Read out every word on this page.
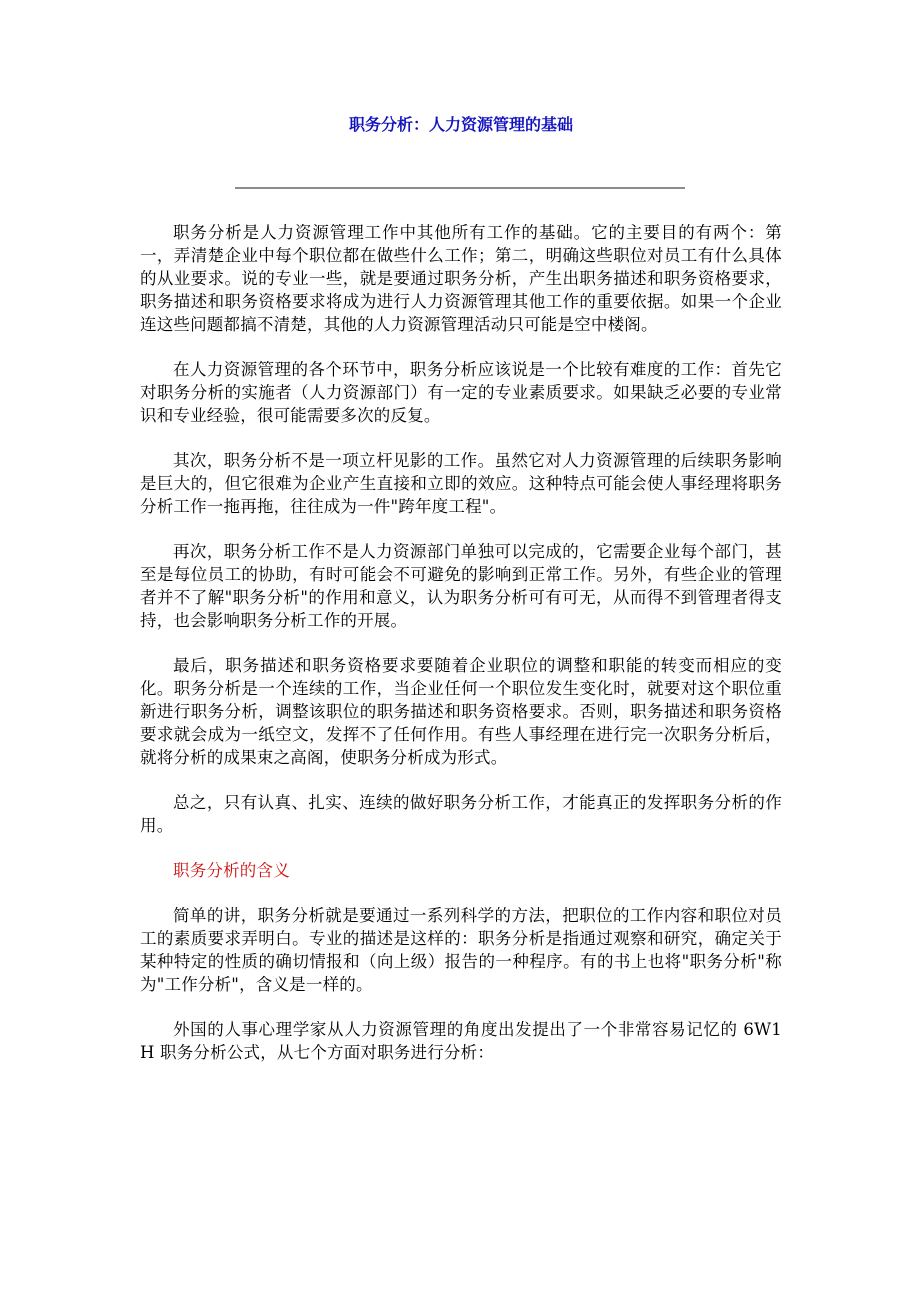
职务分析：人力资源管理的基础

职务分析是人力资源管理工作中其他所有工作的基础。它的主要目的有两个：第一，弄清楚企业中每个职位都在做些什么工作；第二，明确这些职位对员工有什么具体的从业要求。说的专业一些，就是要通过职务分析，产生出职务描述和职务资格要求，职务描述和职务资格要求将成为进行人力资源管理其他工作的重要依据。如果一个企业连这些问题都搞不清楚，其他的人力资源管理活动只可能是空中楼阁。

在人力资源管理的各个环节中，职务分析应该说是一个比较有难度的工作：首先它对职务分析的实施者（人力资源部门）有一定的专业素质要求。如果缺乏必要的专业常识和专业经验，很可能需要多次的反复。

其次，职务分析不是一项立杆见影的工作。虽然它对人力资源管理的后续职务影响是巨大的，但它很难为企业产生直接和立即的效应。这种特点可能会使人事经理将职务分析工作一拖再拖，往往成为一件"跨年度工程"。

再次，职务分析工作不是人力资源部门单独可以完成的，它需要企业每个部门，甚至是每位员工的协助，有时可能会不可避免的影响到正常工作。另外，有些企业的管理者并不了解"职务分析"的作用和意义，认为职务分析可有可无，从而得不到管理者得支持，也会影响职务分析工作的开展。

最后，职务描述和职务资格要求要随着企业职位的调整和职能的转变而相应的变化。职务分析是一个连续的工作，当企业任何一个职位发生变化时，就要对这个职位重新进行职务分析，调整该职位的职务描述和职务资格要求。否则，职务描述和职务资格要求就会成为一纸空文，发挥不了任何作用。有些人事经理在进行完一次职务分析后，就将分析的成果束之高阁，使职务分析成为形式。

总之，只有认真、扎实、连续的做好职务分析工作，才能真正的发挥职务分析的作用。

职务分析的含义

简单的讲，职务分析就是要通过一系列科学的方法，把职位的工作内容和职位对员工的素质要求弄明白。专业的描述是这样的：职务分析是指通过观察和研究，确定关于某种特定的性质的确切情报和（向上级）报告的一种程序。有的书上也将"职务分析"称为"工作分析"，含义是一样的。

外国的人事心理学家从人力资源管理的角度出发提出了一个非常容易记忆的 6W1H 职务分析公式，从七个方面对职务进行分析：
